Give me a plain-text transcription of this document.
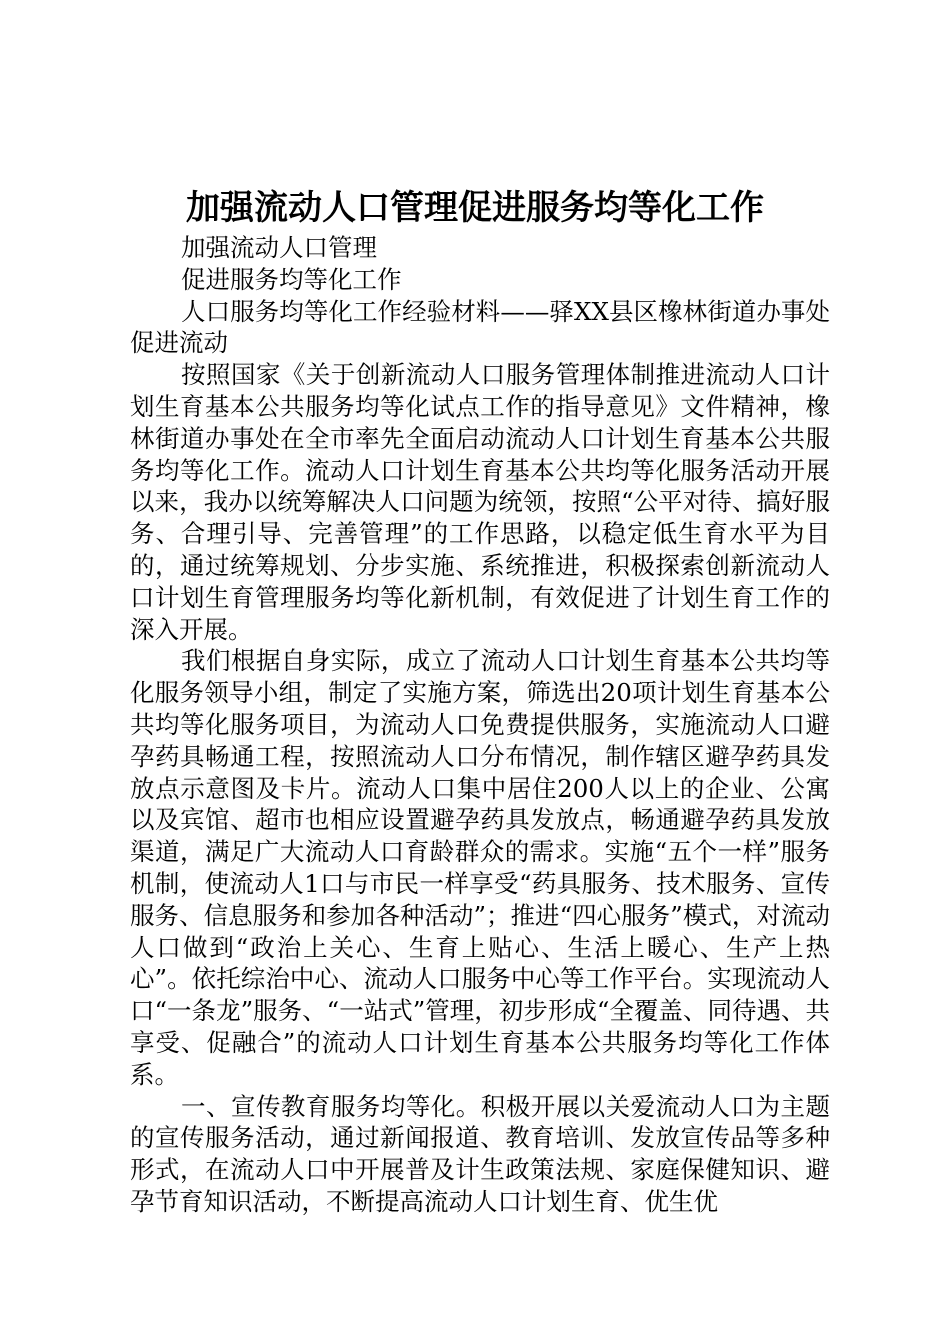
加强流动人口管理促进服务均等化工作

加强流动人口管理

促进服务均等化工作

人口服务均等化工作经验材料——驿XX县区橡林街道办事处促进流动

按照国家《关于创新流动人口服务管理体制推进流动人口计划生育基本公共服务均等化试点工作的指导意见》文件精神，橡林街道办事处在全市率先全面启动流动人口计划生育基本公共服务均等化工作。流动人口计划生育基本公共均等化服务活动开展以来，我办以统筹解决人口问题为统领，按照“公平对待、搞好服务、合理引导、完善管理”的工作思路，以稳定低生育水平为目的，通过统筹规划、分步实施、系统推进，积极探索创新流动人口计划生育管理服务均等化新机制，有效促进了计划生育工作的深入开展。

我们根据自身实际，成立了流动人口计划生育基本公共均等化服务领导小组，制定了实施方案，筛选出20项计划生育基本公共均等化服务项目，为流动人口免费提供服务，实施流动人口避孕药具畅通工程，按照流动人口分布情况，制作辖区避孕药具发放点示意图及卡片。流动人口集中居住200人以上的企业、公寓以及宾馆、超市也相应设置避孕药具发放点，畅通避孕药具发放渠道，满足广大流动人口育龄群众的需求。实施“五个一样”服务机制，使流动人1口与市民一样享受“药具服务、技术服务、宣传服务、信息服务和参加各种活动”；推进“四心服务”模式，对流动人口做到“政治上关心、生育上贴心、生活上暖心、生产上热心”。依托综治中心、流动人口服务中心等工作平台。实现流动人口“一条龙”服务、“一站式”管理，初步形成“全覆盖、同待遇、共享受、促融合”的流动人口计划生育基本公共服务均等化工作体系。

一、宣传教育服务均等化。积极开展以关爱流动人口为主题的宣传服务活动，通过新闻报道、教育培训、发放宣传品等多种形式，在流动人口中开展普及计生政策法规、家庭保健知识、避孕节育知识活动，不断提高流动人口计划生育、优生优
